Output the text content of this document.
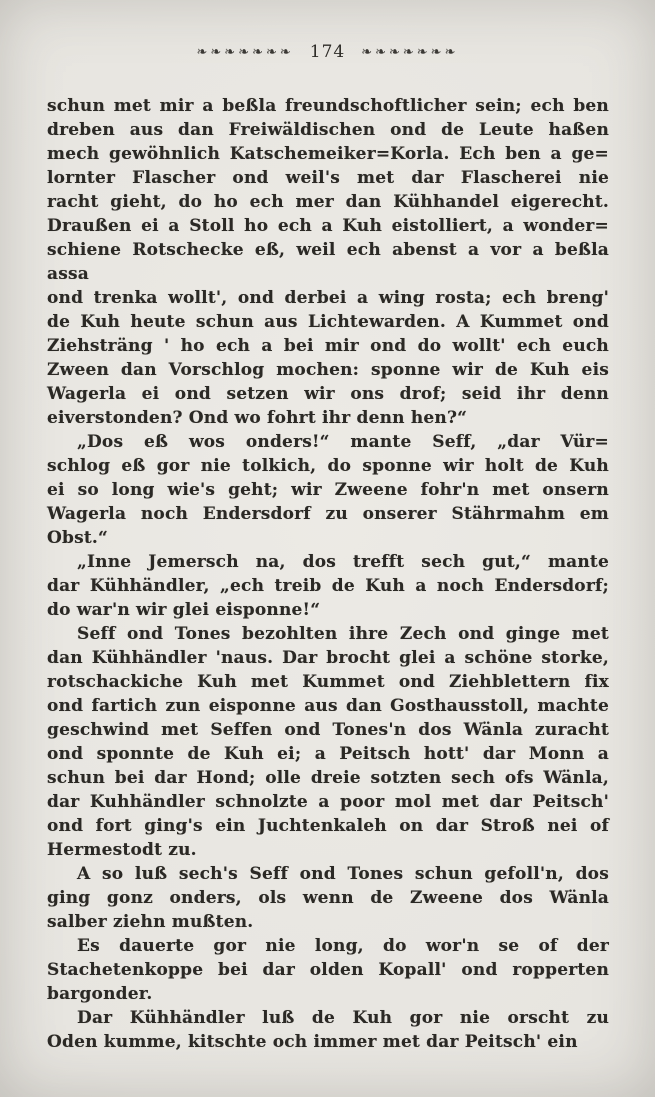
❧❧❧❧❧❧❧ 174 ❧❧❧❧❧❧❧
schun met mir a beßla freundschoftlicher sein; ech ben
dreben aus dan Freiwäldischen ond de Leute haßen
mech gewöhnlich Katschemeiker=Korla. Ech ben a ge=
lornter Flascher ond weil's met dar Flascherei nie
racht gieht, do ho ech mer dan Kühhandel eigerecht.
Draußen ei a Stoll ho ech a Kuh eistolliert, a wonder=
schiene Rotschecke eß, weil ech abenst a vor a beßla assa
ond trenka wollt', ond derbei a wing rosta; ech breng'
de Kuh heute schun aus Lichtewarden. A Kummet ond
Ziehsträng ' ho ech a bei mir ond do wollt' ech euch
Zween dan Vorschlog mochen: sponne wir de Kuh eis
Wagerla ei ond setzen wir ons drof; seid ihr denn
eiverstonden? Ond wo fohrt ihr denn hen?“
„Dos eß wos onders!“ mante Seff, „dar Vür=
schlog eß gor nie tolkich, do sponne wir holt de Kuh
ei so long wie's geht; wir Zweene fohr'n met onsern
Wagerla noch Endersdorf zu onserer Stährmahm em
Obst.“
„Inne Jemersch na, dos trefft sech gut,“ mante
dar Kühhändler, „ech treib de Kuh a noch Endersdorf;
do war'n wir glei eisponne!“
Seff ond Tones bezohlten ihre Zech ond ginge met
dan Kühhändler 'naus. Dar brocht glei a schöne storke,
rotschackiche Kuh met Kummet ond Ziehblettern fix
ond fartich zun eisponne aus dan Gosthausstoll, machte
geschwind met Seffen ond Tones'n dos Wänla zuracht
ond sponnte de Kuh ei; a Peitsch hott' dar Monn a
schun bei dar Hond; olle dreie sotzten sech ofs Wänla,
dar Kuhhändler schnolzte a poor mol met dar Peitsch'
ond fort ging's ein Juchtenkaleh on dar Stroß nei of
Hermestodt zu.
A so luß sech's Seff ond Tones schun gefoll'n, dos
ging gonz onders, ols wenn de Zweene dos Wänla
salber ziehn mußten.
Es dauerte gor nie long, do wor'n se of der
Stachetenkoppe bei dar olden Kopall' ond ropperten
bargonder.
Dar Kühhändler luß de Kuh gor nie orscht zu
Oden kumme, kitschte och immer met dar Peitsch' ein
